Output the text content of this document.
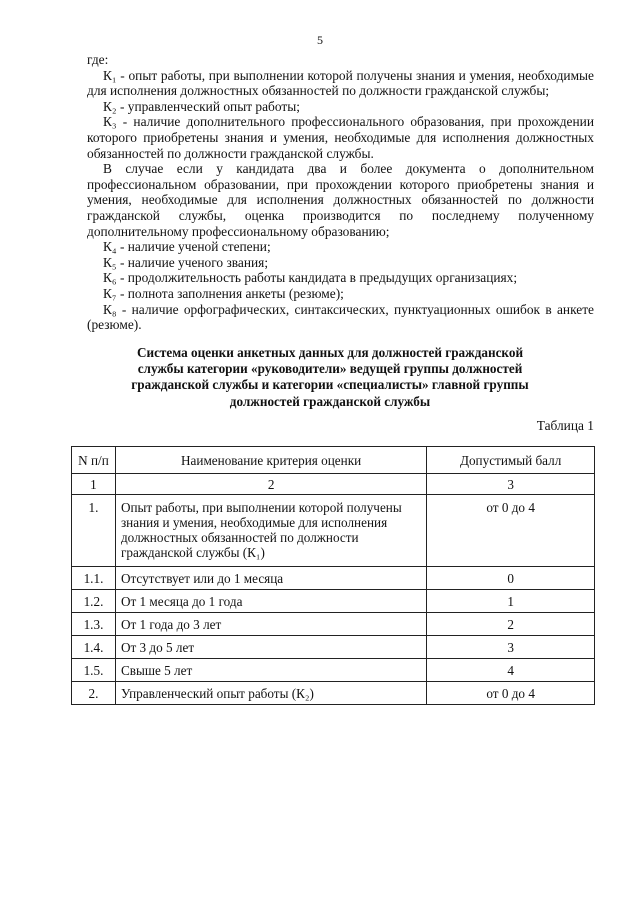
5

где:

К₁ - опыт работы, при выполнении которой получены знания и умения, необходимые для исполнения должностных обязанностей по должности гражданской службы;

К₂ - управленческий опыт работы;

К₃ - наличие дополнительного профессионального образования, при прохождении которого приобретены знания и умения, необходимые для исполнения должностных обязанностей по должности гражданской службы.

В случае если у кандидата два и более документа о дополнительном профессиональном образовании, при прохождении которого приобретены знания и умения, необходимые для исполнения должностных обязанностей по должности гражданской службы, оценка производится по последнему полученному дополнительному профессиональному образованию;

К₄ - наличие ученой степени;

К₅ - наличие ученого звания;

К₆ - продолжительность работы кандидата в предыдущих организациях;

К₇ - полнота заполнения анкеты (резюме);

К₈ - наличие орфографических, синтаксических, пунктуационных ошибок в анкете (резюме).

Система оценки анкетных данных для должностей гражданской
службы категории «руководители» ведущей группы должностей
гражданской службы и категории «специалисты» главной группы
должностей гражданской службы
Таблица 1
N п/п	Наименование критерия оценки	Допустимый балл
1	2	3
1.	Опыт работы, при выполнении которой получены знания и умения, необходимые для исполнения должностных обязанностей по должности гражданской службы (К₁)	от 0 до 4
1.1.	Отсутствует или до 1 месяца	0
1.2.	От 1 месяца до 1 года	1
1.3.	От 1 года до 3 лет	2
1.4.	От 3 до 5 лет	3
1.5.	Свыше 5 лет	4
2.	Управленческий опыт работы (К₂)	от 0 до 4
